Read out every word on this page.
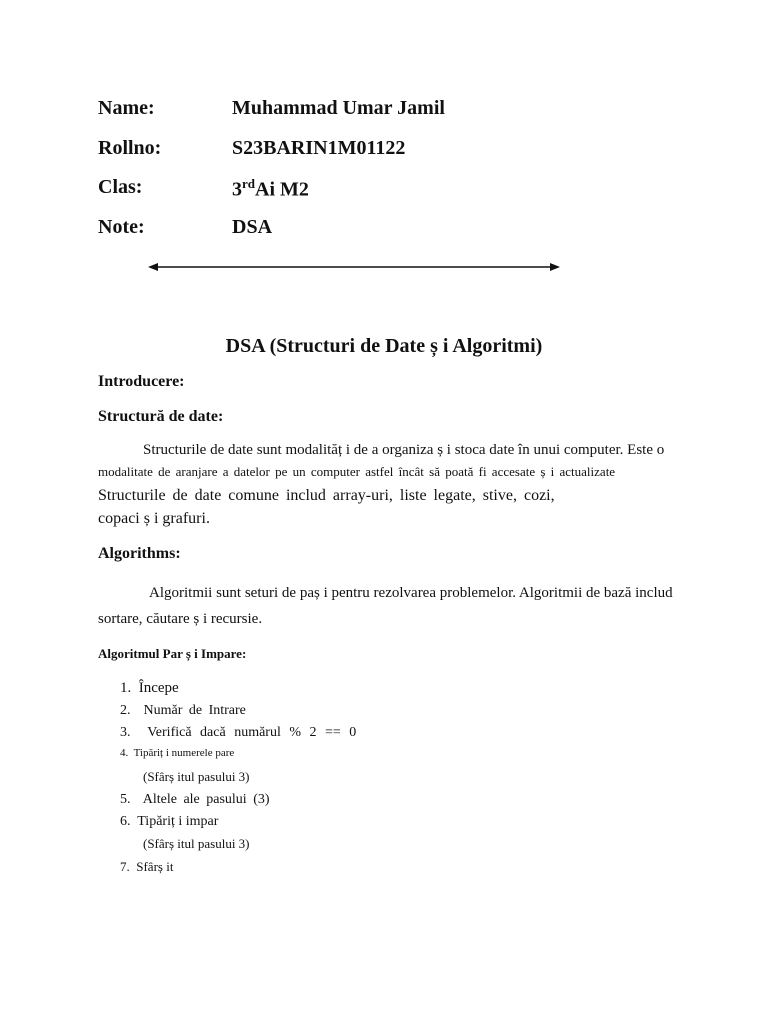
Name:	Muhammad Umar Jamil
Rollno:	S23BARIN1M01122
Clas:	3rdAi M2
Note:	DSA
DSA (Structuri de Date ș i Algoritmi)
Introducere:
Structură de date:
Structurile de date sunt modalităț i de a organiza ș i stoca date în unui computer. Este o
modalitate de aranjare a datelor pe un computer astfel încât să poată fi accesate ș i actualizate
Structurile de date comune includ array-uri, liste legate, stive, cozi,
copaci ș i grafuri.
Algorithms:
Algoritmii sunt seturi de paș i pentru rezolvarea problemelor. Algoritmii de bază includ
sortare, căutare ș i recursie.
Algoritmul Par ș i Impare:
1. Începe
2. Număr de Intrare
3. Verifică dacă numărul % 2 == 0
4. Tipăriț i numerele pare
(Sfârș itul pasului 3)
5. Altele ale pasului (3)
6. Tipăriț i impar
(Sfârș itul pasului 3)
7. Sfârș it
